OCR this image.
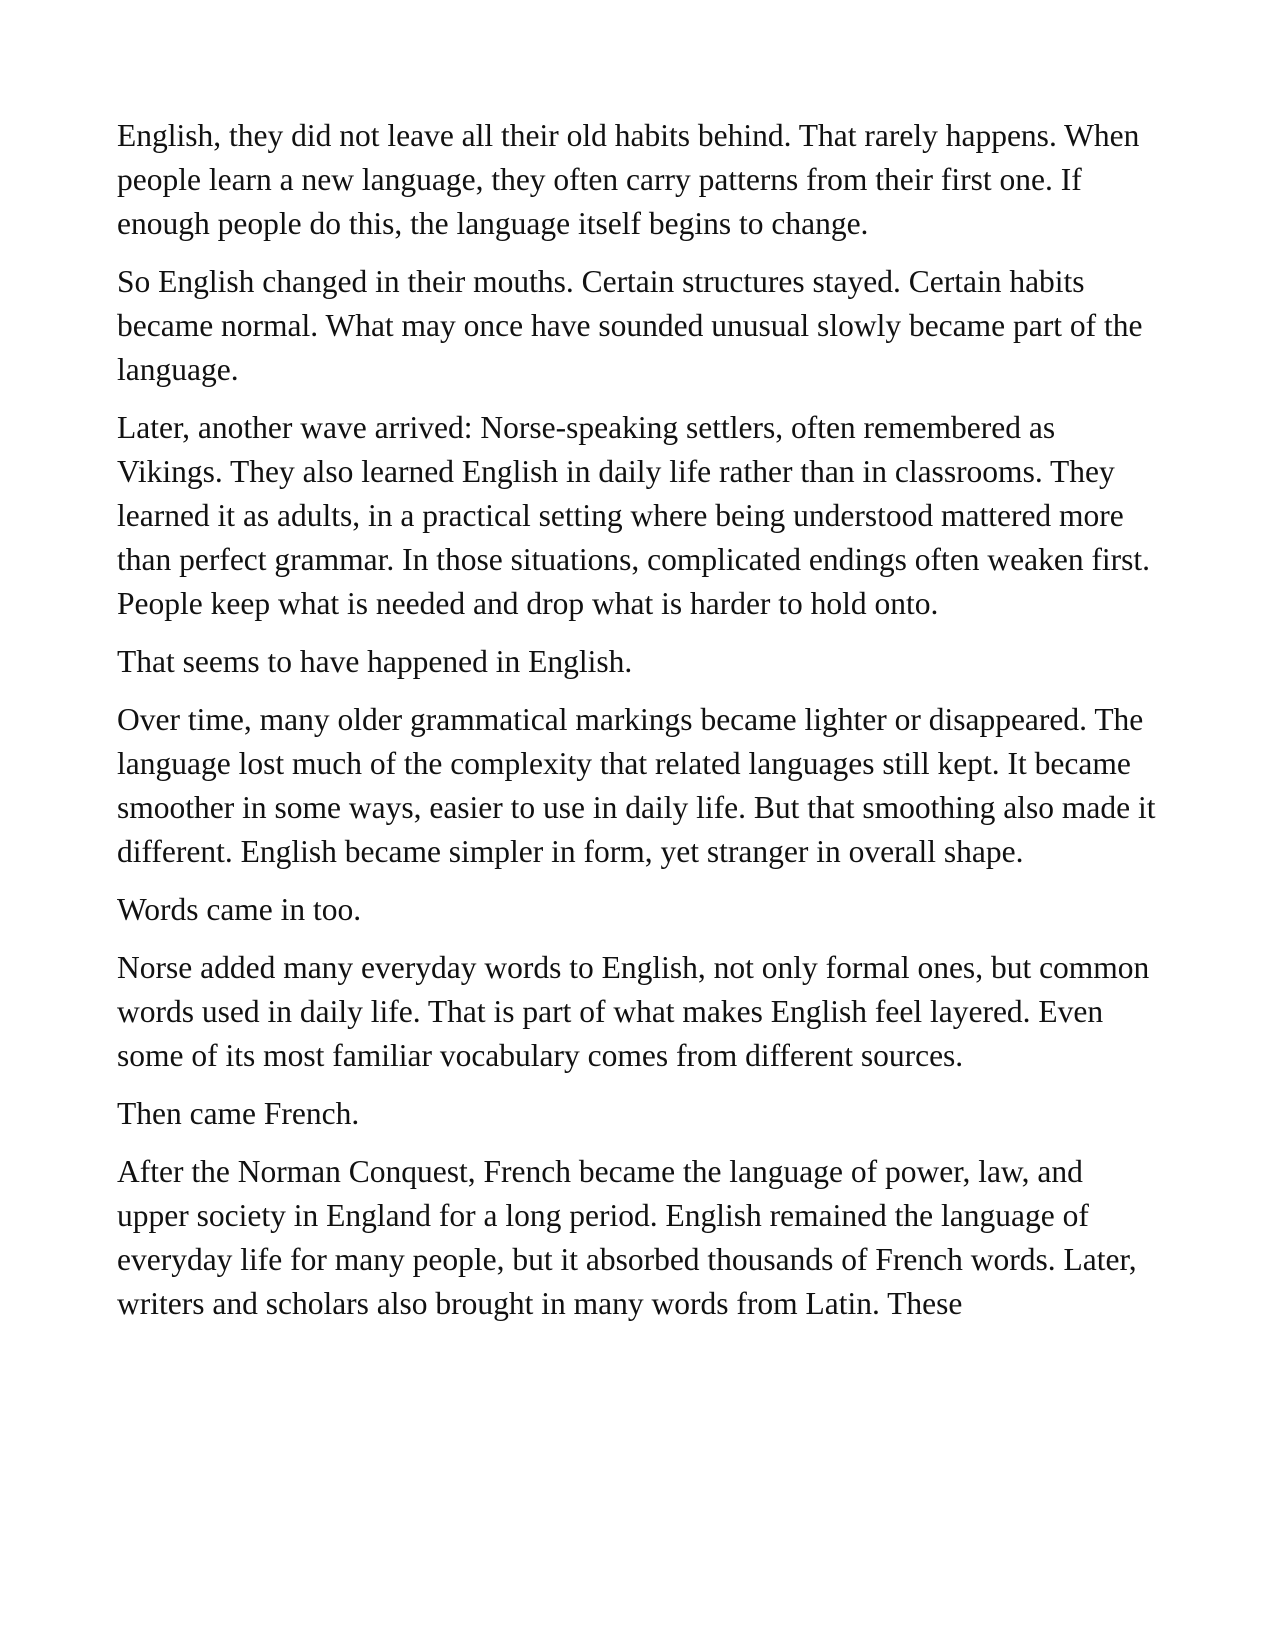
English, they did not leave all their old habits behind. That rarely happens. When people learn a new language, they often carry patterns from their first one. If enough people do this, the language itself begins to change.

So English changed in their mouths. Certain structures stayed. Certain habits became normal. What may once have sounded unusual slowly became part of the language.

Later, another wave arrived: Norse-speaking settlers, often remembered as Vikings. They also learned English in daily life rather than in classrooms. They learned it as adults, in a practical setting where being understood mattered more than perfect grammar. In those situations, complicated endings often weaken first. People keep what is needed and drop what is harder to hold onto.

That seems to have happened in English.

Over time, many older grammatical markings became lighter or disappeared. The language lost much of the complexity that related languages still kept. It became smoother in some ways, easier to use in daily life. But that smoothing also made it different. English became simpler in form, yet stranger in overall shape.

Words came in too.

Norse added many everyday words to English, not only formal ones, but common words used in daily life. That is part of what makes English feel layered. Even some of its most familiar vocabulary comes from different sources.

Then came French.

After the Norman Conquest, French became the language of power, law, and upper society in England for a long period. English remained the language of everyday life for many people, but it absorbed thousands of French words. Later, writers and scholars also brought in many words from Latin. These
